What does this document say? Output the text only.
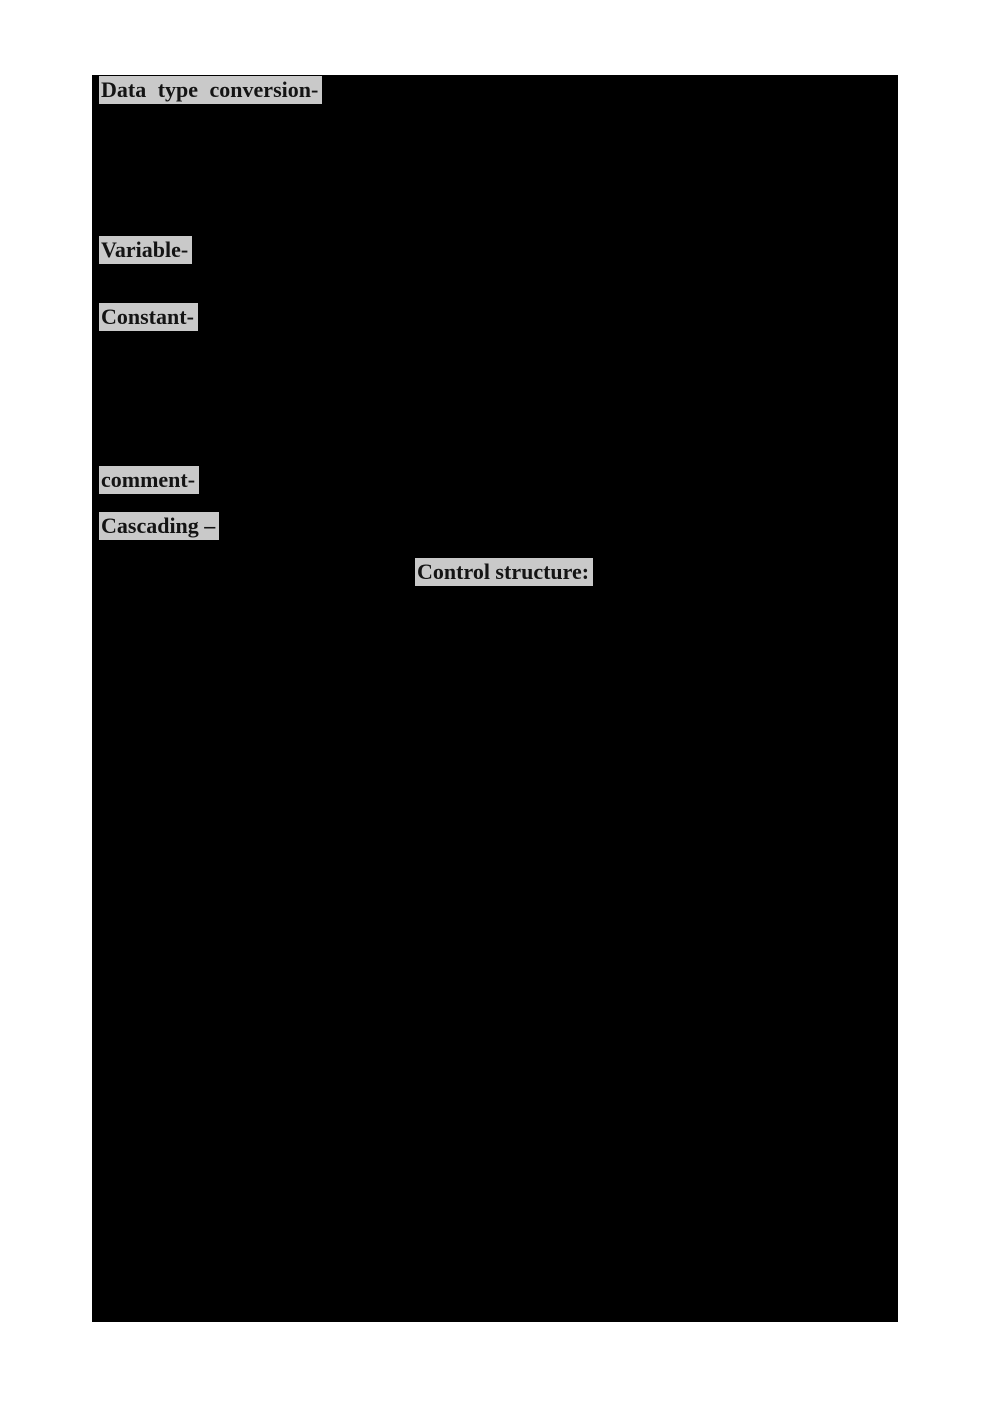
Data type conversion-
Variable-
Constant-
comment-
Cascading –
Control structure:
